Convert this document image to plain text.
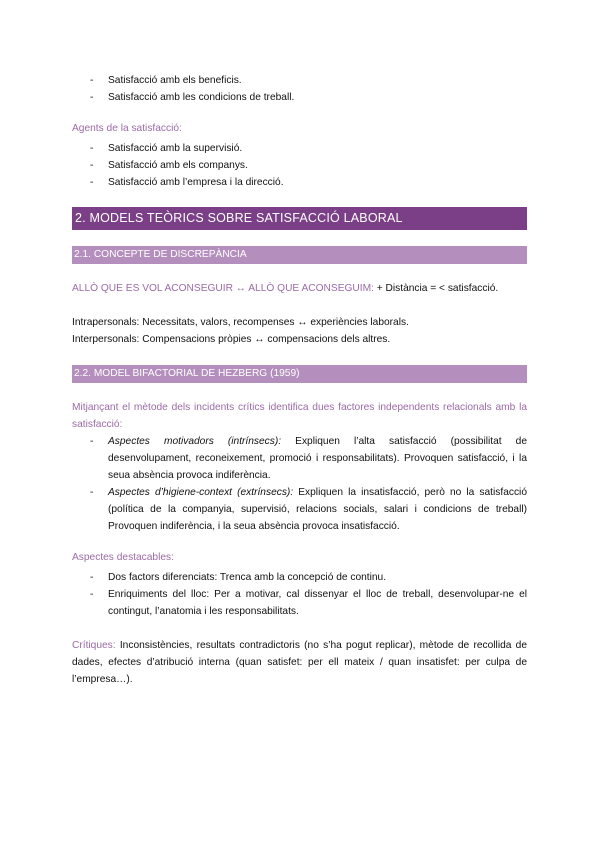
- Satisfacció amb els beneficis.
- Satisfacció amb les condicions de treball.
Agents de la satisfacció:
- Satisfacció amb la supervisió.
- Satisfacció amb els companys.
- Satisfacció amb l’empresa i la direcció.
2. MODELS TEÒRICS SOBRE SATISFACCIÓ LABORAL
2.1. CONCEPTE DE DISCREPÀNCIA
ALLÒ QUE ES VOL ACONSEGUIR ↔ ALLÒ QUE ACONSEGUIM: + Distància = < satisfacció.
Intrapersonals: Necessitats, valors, recompenses ↔ experiències laborals.
Interpersonals: Compensacions pròpies ↔ compensacions dels altres.
2.2. MODEL BIFACTORIAL DE HEZBERG (1959)
Mitjançant el mètode dels incidents crítics identifica dues factores independents relacionals amb la satisfacció:
- Aspectes motivadors (intrínsecs): Expliquen l’alta satisfacció (possibilitat de desenvolupament, reconeixement, promoció i responsabilitats). Provoquen satisfacció, i la seua absència provoca indiferència.
- Aspectes d’higiene-context (extrínsecs): Expliquen la insatisfacció, però no la satisfacció (política de la companyia, supervisió, relacions socials, salari i condicions de treball) Provoquen indiferència, i la seua absència provoca insatisfacció.
Aspectes destacables:
- Dos factors diferenciats: Trenca amb la concepció de continu.
- Enriquiments del lloc: Per a motivar, cal dissenyar el lloc de treball, desenvolupar-ne el contingut, l’anatomia i les responsabilitats.
Crítiques: Inconsistències, resultats contradictoris (no s’ha pogut replicar), mètode de recollida de dades, efectes d’atribució interna (quan satisfet: per ell mateix / quan insatisfet: per culpa de l’empresa…).
